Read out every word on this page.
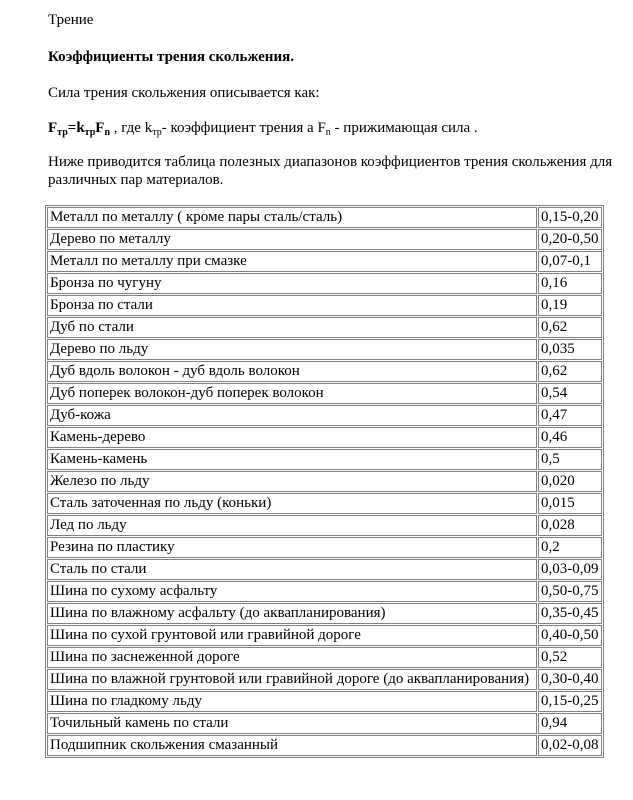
Трение
Коэффициенты трения скольжения.
Сила трения скольжения описывается как:
$F_{тр}=k_{тр}F_n$ , где $k_{тр}-$ коэффициент трения а $F_n$ - прижимающая сила .
Ниже приводится таблица полезных диапазонов коэффициентов трения скольжения для различных пар материалов.
Металл по металлу ( кроме пары сталь/сталь)	0,15-0,20
Дерево по металлу	0,20-0,50
Металл по металлу при смазке	0,07-0,1
Бронза по чугуну	0,16
Бронза по стали	0,19
Дуб по стали	0,62
Дерево по льду	0,035
Дуб вдоль волокон - дуб вдоль волокон	0,62
Дуб поперек волокон-дуб поперек волокон	0,54
Дуб-кожа	0,47
Камень-дерево	0,46
Камень-камень	0,5
Железо по льду	0,020
Сталь заточенная по льду (коньки)	0,015
Лед по льду	0,028
Резина по пластику	0,2
Сталь по стали	0,03-0,09
Шина по сухому асфальту	0,50-0,75
Шина по влажному асфальту (до аквапланирования)	0,35-0,45
Шина по сухой грунтовой или гравийной дороге	0,40-0,50
Шина по заснеженной дороге	0,52
Шина по влажной грунтовой или гравийной дороге (до аквапланирования)	0,30-0,40
Шина по гладкому льду	0,15-0,25
Точильный камень по стали	0,94
Подшипник скольжения смазанный	0,02-0,08
